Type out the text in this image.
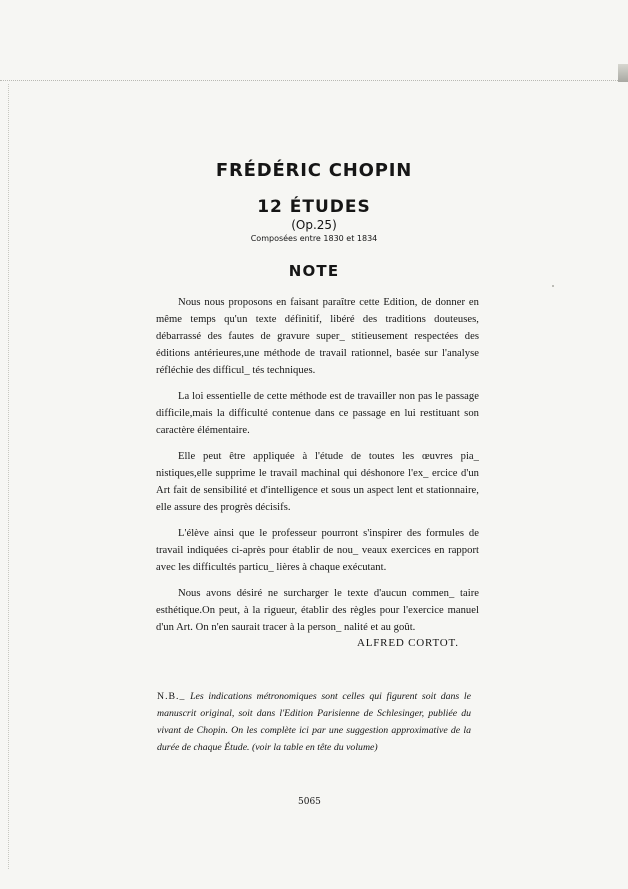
FRÉDÉRIC CHOPIN
12 ÉTUDES
(Op.25)
Composées entre 1830 et 1834
NOTE

Nous nous proposons en faisant paraître cette Edition, de donner en même temps qu'un texte définitif, libéré des traditions douteuses, débarrassé des fautes de gravure super_ stitieusement respectées des éditions antérieures,une méthode de travail rationnel, basée sur l'analyse réfléchie des difficul_ tés techniques.

La loi essentielle de cette méthode est de travailler non pas le passage difficile,mais la difficulté contenue dans ce passage en lui restituant son caractère élémentaire.

Elle peut être appliquée à l'étude de toutes les œuvres pia_ nistiques,elle supprime le travail machinal qui déshonore l'ex_ ercice d'un Art fait de sensibilité et d'intelligence et sous un aspect lent et stationnaire, elle assure des progrès décisifs.

L'élève ainsi que le professeur pourront s'inspirer des formules de travail indiquées ci-après pour établir de nou_ veaux exercices en rapport avec les difficultés particu_ lières à chaque exécutant.

Nous avons désiré ne surcharger le texte d'aucun commen_ taire esthétique.On peut, à la rigueur, établir des règles pour l'exercice manuel d'un Art. On n'en saurait tracer à la person_ nalité et au goût.

ALFRED CORTOT.
N.B._ Les indications métronomiques sont celles qui figurent soit dans le manuscrit original, soit dans l'Edition Parisienne de Schlesinger, publiée du vivant de Chopin. On les complète ici par une suggestion approximative de la durée de chaque Étude. (voir la table en tête du volume)
5065
